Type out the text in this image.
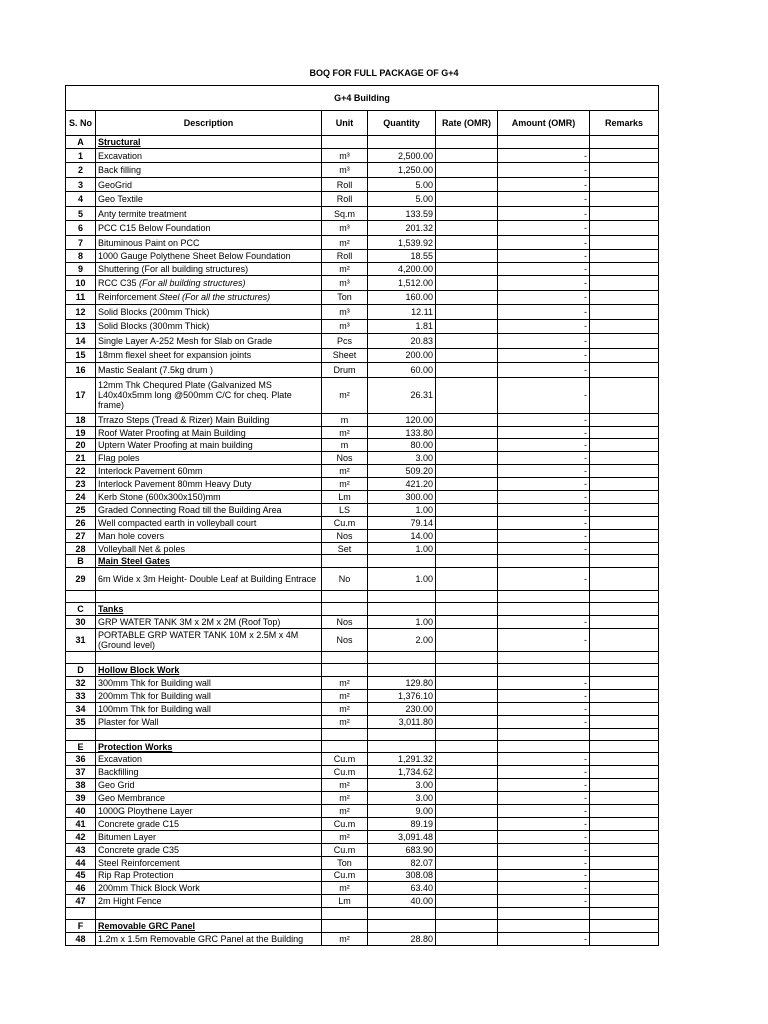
BOQ FOR FULL PACKAGE OF G+4
G+4 Building						
S. No	Description	Unit	Quantity	Rate (OMR)	Amount (OMR)	Remarks
A	Structural					
1	Excavation	m³	2,500.00		-	
2	Back filling	m³	1,250.00		-	
3	GeoGrid	Roll	5.00		-	
4	Geo Textile	Roll	5.00		-	
5	Anty termite treatment	Sq.m	133.59		-	
6	PCC C15 Below Foundation	m³	201.32		-	
7	Bituminous Paint on PCC	m²	1,539.92		-	
8	1000 Gauge Polythene Sheet Below Foundation	Roll	18.55		-	
9	Shuttering (For all building structures)	m²	4,200.00		-	
10	RCC C35 (For all building structures)	m³	1,512.00		-	
11	Reinforcement Steel (For all the structures)	Ton	160.00		-	
12	Solid Blocks (200mm Thick)	m³	12.11		-	
13	Solid Blocks (300mm Thick)	m³	1.81		-	
14	Single Layer A-252 Mesh for Slab on Grade	Pcs	20.83		-	
15	18mm flexel sheet for expansion joints	Sheet	200.00		-	
16	Mastic Sealant (7.5kg drum )	Drum	60.00		-	
17	12mm Thk Chequred Plate (Galvanized MS L40x40x5mm long @500mm C/C for cheq. Plate frame)	m²	26.31		-	
18	Trrazo Steps (Tread & Rizer) Main Building	m	120.00		-	
19	Roof Water Proofing at Main Building	m²	133.80		-	
20	Uptern Water Proofing at main building	m	80.00		-	
21	Flag poles	Nos	3.00		-	
22	Interlock Pavement 60mm	m²	509.20		-	
23	Interlock Pavement 80mm Heavy Duty	m²	421.20		-	
24	Kerb Stone (600x300x150)mm	Lm	300.00		-	
25	Graded Connecting Road till the Building Area	LS	1.00		-	
26	Well compacted earth in volleyball court	Cu.m	79.14		-	
27	Man hole covers	Nos	14.00		-	
28	Volleyball Net & poles	Set	1.00		-	
B	Main Steel Gates					
29	6m Wide x 3m Height- Double Leaf at Building Entrace	No	1.00		-	

C	Tanks					
30	GRP WATER TANK 3M x 2M x 2M (Roof Top)	Nos	1.00		-	
31	PORTABLE GRP WATER TANK 10M x 2.5M x 4M (Ground level)	Nos	2.00		-	

D	Hollow Block Work					
32	300mm Thk for Building wall	m²	129.80		-	
33	200mm Thk for Building wall	m²	1,376.10		-	
34	100mm Thk for Building wall	m²	230.00		-	
35	Plaster for Wall	m²	3,011.80		-	

E	Protection Works					
36	Excavation	Cu.m	1,291.32		-	
37	Backfilling	Cu.m	1,734.62		-	
38	Geo Grid	m²	3.00		-	
39	Geo Membrance	m²	3.00		-	
40	1000G Ploythene Layer	m²	9.00		-	
41	Concrete grade C15	Cu.m	89.19		-	
42	Bitumen Layer	m²	3,091.48		-	
43	Concrete grade C35	Cu.m	683.90		-	
44	Steel Reinforcement	Ton	82.07		-	
45	Rip Rap Protection	Cu.m	308.08		-	
46	200mm Thick Block Work	m²	63.40		-	
47	2m Hight Fence	Lm	40.00		-	

F	Removable GRC Panel					
48	1.2m x 1.5m Removable GRC Panel at the Building	m²	28.80		-	
